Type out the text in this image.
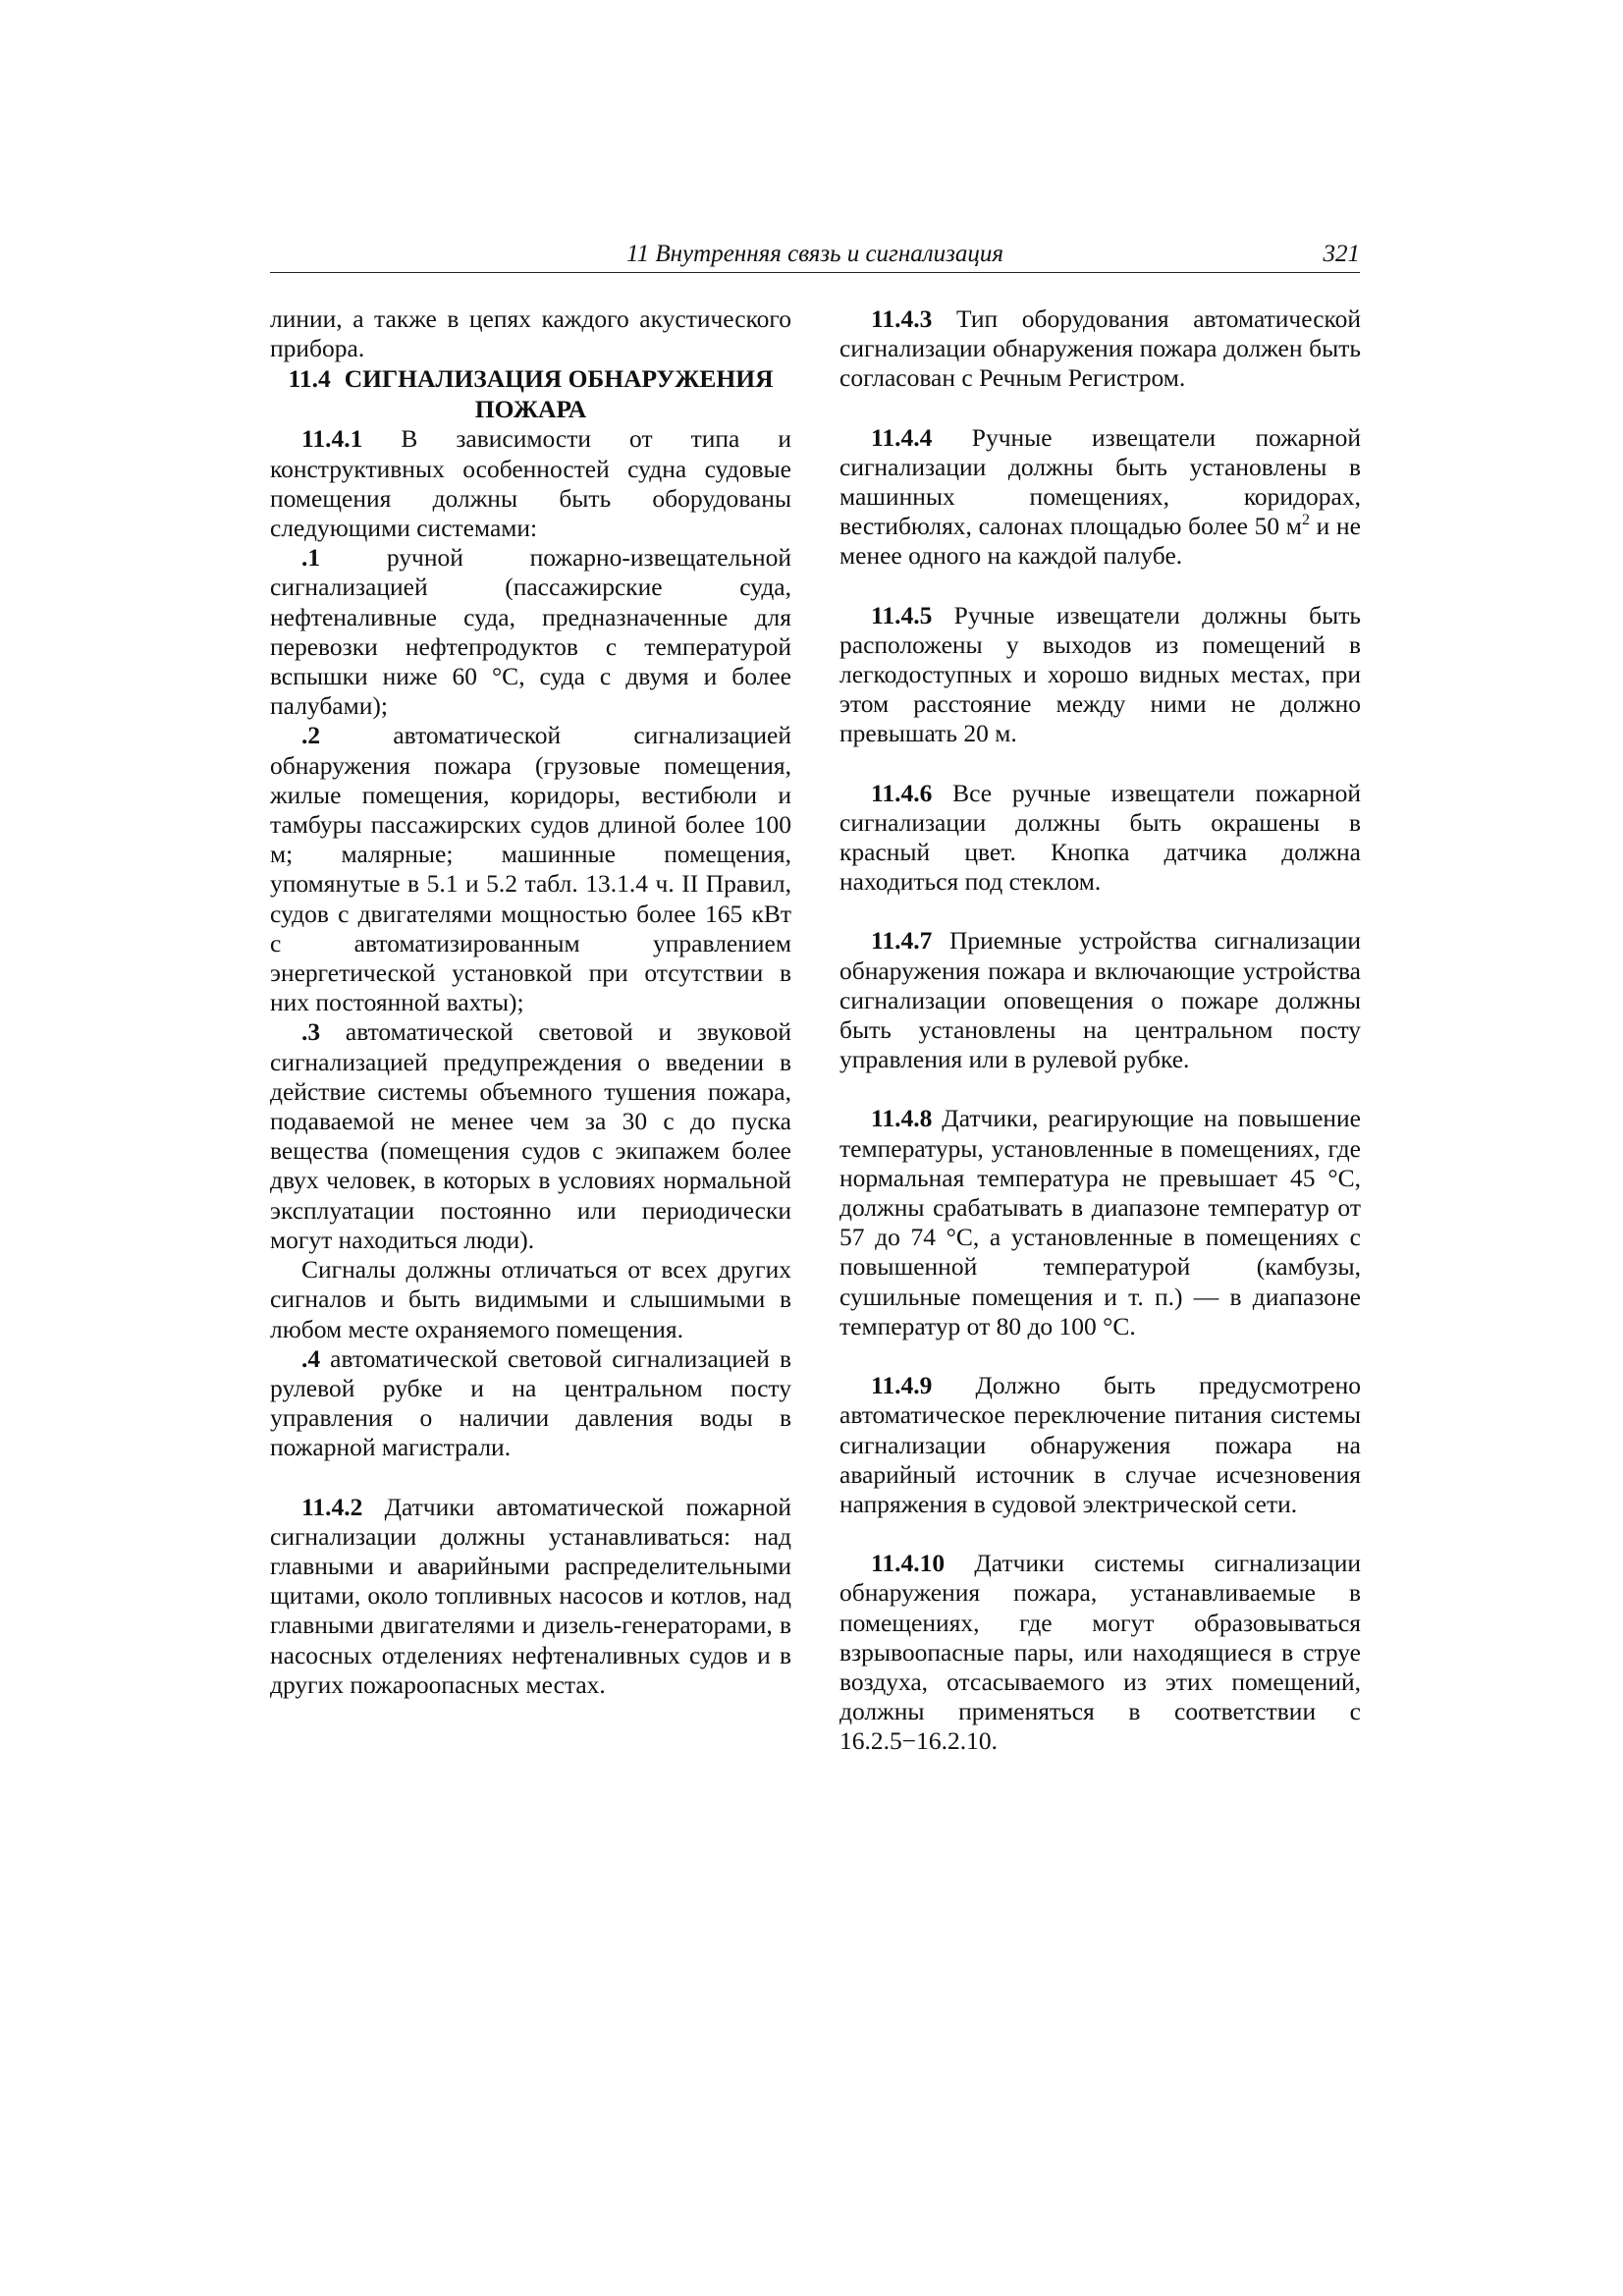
11 Внутренняя связь и сигнализация	321

линии, а также в цепях каждого акустического прибора.

11.4 СИГНАЛИЗАЦИЯ ОБНАРУЖЕНИЯ ПОЖАРА

11.4.1 В зависимости от типа и конструктивных особенностей судна судовые помещения должны быть оборудованы следующими системами:

.1 ручной пожарно-извещательной сигнализацией (пассажирские суда, нефтеналивные суда, предназначенные для перевозки нефтепродуктов с температурой вспышки ниже 60 °С, суда с двумя и более палубами);

.2 автоматической сигнализацией обнаружения пожара (грузовые помещения, жилые помещения, коридоры, вестибюли и тамбуры пассажирских судов длиной более 100 м; малярные; машинные помещения, упомянутые в 5.1 и 5.2 табл. 13.1.4 ч. II Правил, судов с двигателями мощностью более 165 кВт с автоматизированным управлением энергетической установкой при отсутствии в них постоянной вахты);

.3 автоматической световой и звуковой сигнализацией предупреждения о введении в действие системы объемного тушения пожара, подаваемой не менее чем за 30 с до пуска вещества (помещения судов с экипажем более двух человек, в которых в условиях нормальной эксплуатации постоянно или периодически могут находиться люди).

Сигналы должны отличаться от всех других сигналов и быть видимыми и слышимыми в любом месте охраняемого помещения.

.4 автоматической световой сигнализацией в рулевой рубке и на центральном посту управления о наличии давления воды в пожарной магистрали.

11.4.2 Датчики автоматической пожарной сигнализации должны устанавливаться: над главными и аварийными распределительными щитами, около топливных насосов и котлов, над главными двигателями и дизель-генераторами, в насосных отделениях нефтеналивных судов и в других пожароопасных местах.

11.4.3 Тип оборудования автоматической сигнализации обнаружения пожара должен быть согласован с Речным Регистром.

11.4.4 Ручные извещатели пожарной сигнализации должны быть установлены в машинных помещениях, коридорах, вестибюлях, салонах площадью более 50 $м^2$ и не менее одного на каждой палубе.

11.4.5 Ручные извещатели должны быть расположены у выходов из помещений в легкодоступных и хорошо видных местах, при этом расстояние между ними не должно превышать 20 м.

11.4.6 Все ручные извещатели пожарной сигнализации должны быть окрашены в красный цвет. Кнопка датчика должна находиться под стеклом.

11.4.7 Приемные устройства сигнализации обнаружения пожара и включающие устройства сигнализации оповещения о пожаре должны быть установлены на центральном посту управления или в рулевой рубке.

11.4.8 Датчики, реагирующие на повышение температуры, установленные в помещениях, где нормальная температура не превышает 45 °С, должны срабатывать в диапазоне температур от 57 до 74 °С, а установленные в помещениях с повышенной температурой (камбузы, сушильные помещения и т. п.) — в диапазоне температур от 80 до 100 °С.

11.4.9 Должно быть предусмотрено автоматическое переключение питания системы сигнализации обнаружения пожара на аварийный источник в случае исчезновения напряжения в судовой электрической сети.

11.4.10 Датчики системы сигнализации обнаружения пожара, устанавливаемые в помещениях, где могут образовываться взрывоопасные пары, или находящиеся в струе воздуха, отсасываемого из этих помещений, должны применяться в соответствии с 16.2.5−16.2.10.
